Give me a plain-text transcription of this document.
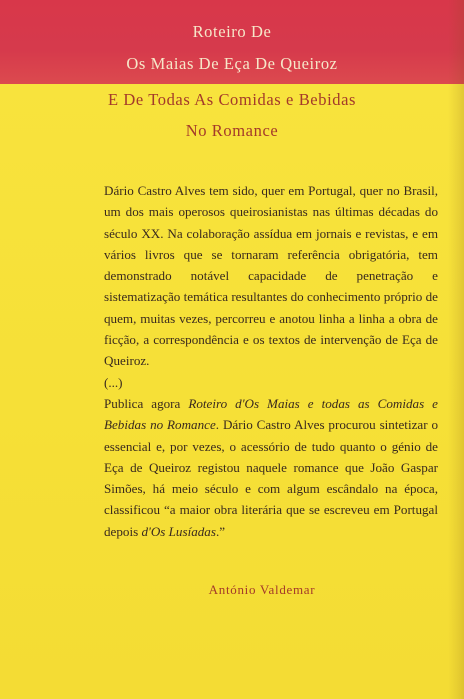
Roteiro De
Os Maias De Eça De Queiroz
E De Todas As Comidas e Bebidas
No Romance

Dário Castro Alves tem sido, quer em Portugal, quer no Brasil, um dos mais operosos queirosianistas nas últimas décadas do século XX. Na colaboração assídua em jornais e revistas, e em vários livros que se tornaram referência obrigatória, tem demonstrado notável capacidade de penetração e sistematização temática resultantes do conhecimento próprio de quem, muitas vezes, percorreu e anotou linha a linha a obra de ficção, a correspondência e os textos de intervenção de Eça de Queiroz.

(...)

Publica agora Roteiro d'Os Maias e todas as Comidas e Bebidas no Romance. Dário Castro Alves procurou sintetizar o essencial e, por vezes, o acessório de tudo quanto o génio de Eça de Queiroz registou naquele romance que João Gaspar Simões, há meio século e com algum escândalo na época, classificou “a maior obra literária que se escreveu em Portugal depois d'Os Lusíadas.”

António Valdemar
